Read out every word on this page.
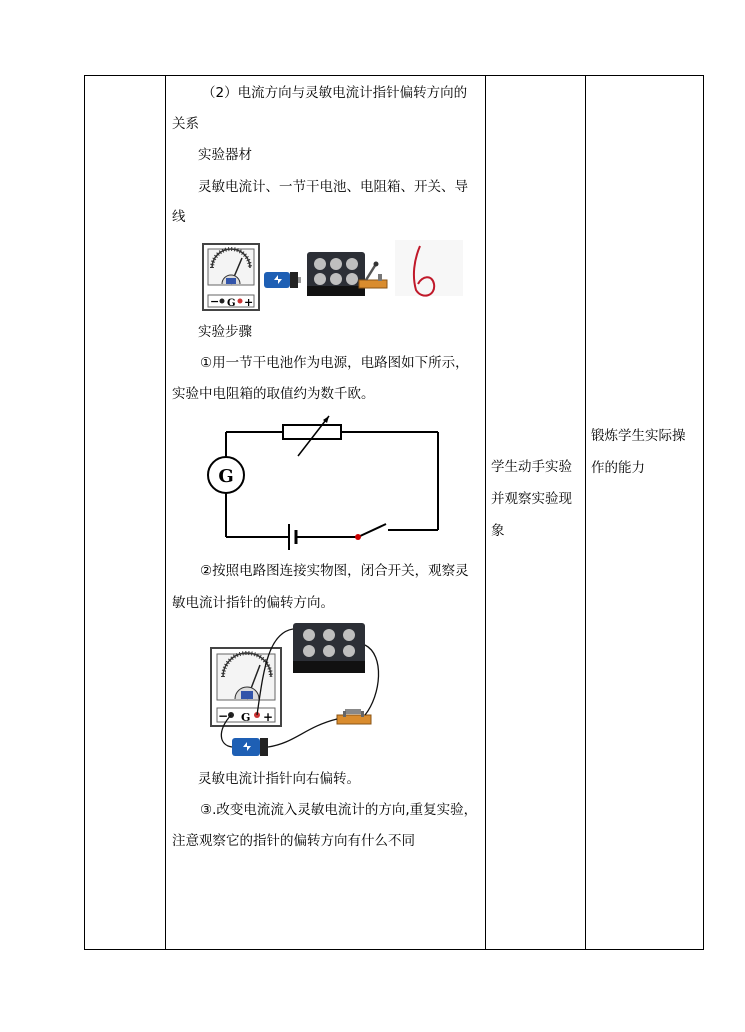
（2）电流方向与灵敏电流计指针偏转方向的
关系
实验器材
灵敏电流计、一节干电池、电阻箱、开关、导
线
− G +
实验步骤
①用一节干电池作为电源，电路图如下所示，
实验中电阻箱的取值约为数千欧。
G
②按照电路图连接实物图，闭合开关，观察灵
敏电流计指针的偏转方向。
− G +
灵敏电流计指针向右偏转。
③.改变电流流入灵敏电流计的方向,重复实验，
注意观察它的指针的偏转方向有什么不同
学生动手实验并观察实验现象
锻炼学生实际操作的能力
